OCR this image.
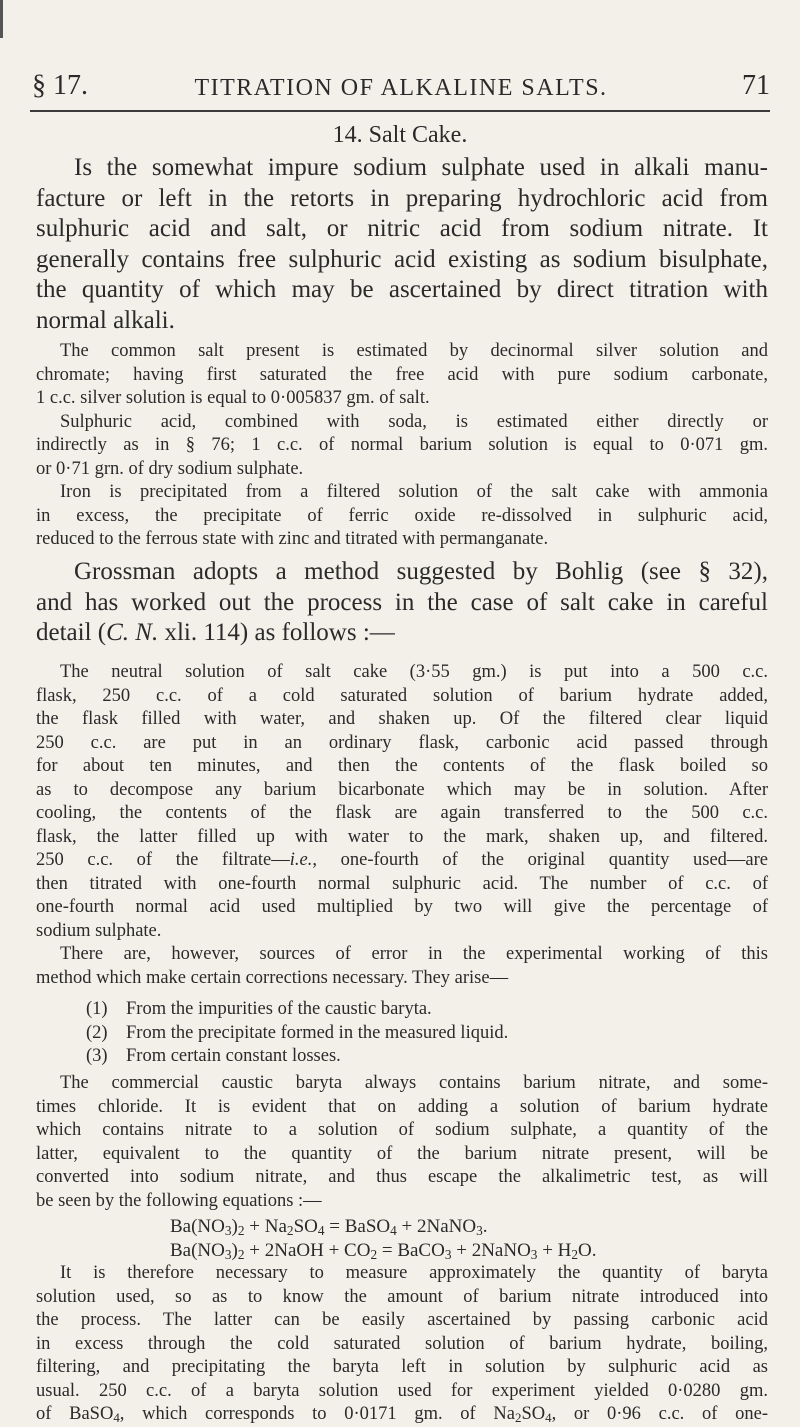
§ 17.	TITRATION OF ALKALINE SALTS.	71
14. Salt Cake.
Is the somewhat impure sodium sulphate used in alkali manu-
facture or left in the retorts in preparing hydrochloric acid from
sulphuric acid and salt, or nitric acid from sodium nitrate. It
generally contains free sulphuric acid existing as sodium bisulphate,
the quantity of which may be ascertained by direct titration with
normal alkali.
The common salt present is estimated by decinormal silver solution and
chromate; having first saturated the free acid with pure sodium carbonate,
1 c.c. silver solution is equal to 0·005837 gm. of salt.
Sulphuric acid, combined with soda, is estimated either directly or
indirectly as in § 76; 1 c.c. of normal barium solution is equal to 0·071 gm.
or 0·71 grn. of dry sodium sulphate.
Iron is precipitated from a filtered solution of the salt cake with ammonia
in excess, the precipitate of ferric oxide re-dissolved in sulphuric acid,
reduced to the ferrous state with zinc and titrated with permanganate.
Grossman adopts a method suggested by Bohlig (see § 32),
and has worked out the process in the case of salt cake in careful
detail (C. N. xli. 114) as follows :—
The neutral solution of salt cake (3·55 gm.) is put into a 500 c.c.
flask, 250 c.c. of a cold saturated solution of barium hydrate added,
the flask filled with water, and shaken up. Of the filtered clear liquid
250 c.c. are put in an ordinary flask, carbonic acid passed through
for about ten minutes, and then the contents of the flask boiled so
as to decompose any barium bicarbonate which may be in solution. After
cooling, the contents of the flask are again transferred to the 500 c.c.
flask, the latter filled up with water to the mark, shaken up, and filtered.
250 c.c. of the filtrate—i.e., one-fourth of the original quantity used—are
then titrated with one-fourth normal sulphuric acid. The number of c.c. of
one-fourth normal acid used multiplied by two will give the percentage of
sodium sulphate.
There are, however, sources of error in the experimental working of this
method which make certain corrections necessary. They arise—
(1) From the impurities of the caustic baryta.
(2) From the precipitate formed in the measured liquid.
(3) From certain constant losses.
The commercial caustic baryta always contains barium nitrate, and some-
times chloride. It is evident that on adding a solution of barium hydrate
which contains nitrate to a solution of sodium sulphate, a quantity of the
latter, equivalent to the quantity of the barium nitrate present, will be
converted into sodium nitrate, and thus escape the alkalimetric test, as will
be seen by the following equations :—
$Ba(NO_3)_2 + Na_2SO_4$ = BaSO$_4$ + 2NaNO$_3$.
$Ba(NO_3)_2$ + 2NaOH + $CO_2$ = BaCO$_3$ + 2NaNO$_3$ + $H_2O$.
It is therefore necessary to measure approximately the quantity of baryta
solution used, so as to know the amount of barium nitrate introduced into
the process. The latter can be easily ascertained by passing carbonic acid
in excess through the cold saturated solution of barium hydrate, boiling,
filtering, and precipitating the baryta left in solution by sulphuric acid as
usual. 250 c.c. of a baryta solution used for experiment yielded 0·0280 gm.
of BaSO$_4$, which corresponds to 0·0171 gm. of $Na_2SO_4$, or 0·96 c.c. of one-
